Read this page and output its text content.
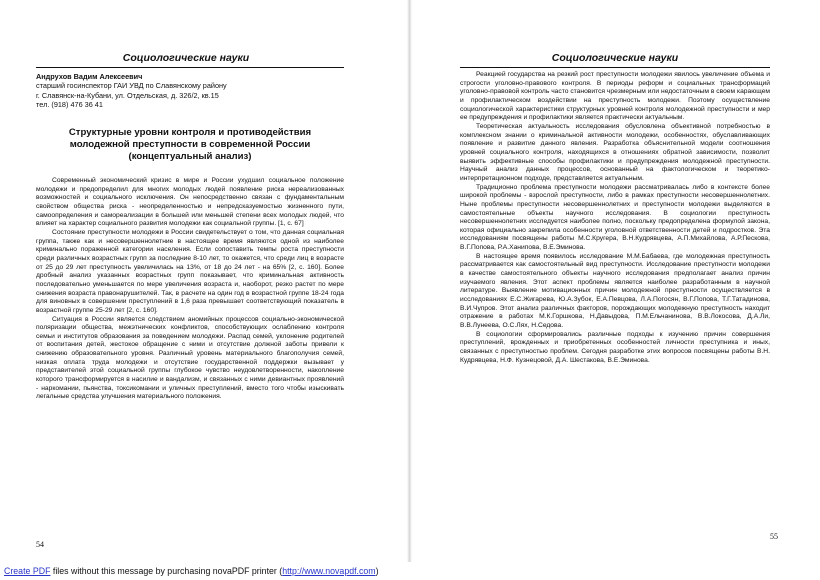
Социологические науки
Андрухов Вадим Алексеевич
старший госинспектор ГАИ УВД по Славянскому району
г. Славянск-на-Кубани, ул. Отдельская, д. 326/2, кв.15
тел. (918) 476 36 41
Структурные уровни контроля и противодействия
молодежной преступности в современной России
(концептуальный анализ)

Современный экономический кризис в мире и России ухудшил социальное положение молодежи и предопределил для многих молодых людей появление риска нереализованных возможностей и социального исключения. Он непосредственно связан с фундаментальным свойством общества риска - неопределенностью и непредсказуемостью жизненного пути, самоопределения и самореализации в большей или меньшей степени всех молодых людей, что влияет на характер социального развития молодежи как социальной группы. [1, с. 67]

Состояние преступности молодежи в России свидетельствует о том, что данная социальная группа, также как и несовершеннолетние в настоящее время являются одной из наиболее криминально пораженной категории населения. Если сопоставить темпы роста преступности среди различных возрастных групп за последние 8-10 лет, то окажется, что среди лиц в возрасте от 25 до 29 лет преступность увеличилась на 13%, от 18 до 24 лет - на 65% [2, с. 160]. Более дробный анализ указанных возрастных групп показывает, что криминальная активность последовательно уменьшается по мере увеличения возраста и, наоборот, резко растет по мере снижения возраста правонарушителей. Так, в расчете на один год в возрастной группе 18-24 года для виновных в совершении преступлений в 1,6 раза превышает соответствующий показатель в возрастной группе 25-29 лет [2, с. 160].

Ситуация в России является следствием аномийных процессов социально-экономической поляризации общества, межэтнических конфликтов, способствующих ослаблению контроля семьи и институтов образования за поведением молодежи. Распад семей, уклонение родителей от воспитания детей, жестокое обращение с ними и отсутствие должной заботы привели к снижению образовательного уровня. Различный уровень материального благополучия семей, низкая оплата труда молодежи и отсутствие государственной поддержки вызывает у представителей этой социальной группы глубокое чувство неудовлетворенности, накопление которого трансформируется в насилие и вандализм, и связанных с ними девиантных проявлений - наркомании, пьянства, токсикомании и уличных преступлений, вместо того чтобы изыскивать легальные средства улучшения материального положения.

54
Социологические науки

Реакцией государства на резкий рост преступности молодежи явилось увеличение объема и строгости уголовно-правового контроля. В периоды реформ и социальных трансформаций уголовно-правовой контроль часто становится чрезмерным или недостаточным в своем карающем и профилактическом воздействии на преступность молодежи. Поэтому осуществление социологической характеристики структурных уровней контроля молодежной преступности и мер ее предупреждения и профилактики является практически актуальным.

Теоретическая актуальность исследования обусловлена объективной потребностью в комплексном знании о криминальной активности молодежи, особенностях, обуславливающих появление и развитие данного явления. Разработка объяснительной модели соотношения уровней социального контроля, находящихся в отношениях обратной зависимости, позволит выявить эффективные способы профилактики и предупреждения молодежной преступности. Научный анализ данных процессов, основанный на фактологическом и теоретико-интерпретационном подходе, представляется актуальным.

Традиционно проблема преступности молодежи рассматривалась либо в контексте более широкой проблемы - взрослой преступности, либо в рамках преступности несовершеннолетних. Ныне проблемы преступности несовершеннолетних и преступности молодежи выделяются в самостоятельные объекты научного исследования. В социологии преступность несовершеннолетних исследуется наиболее полно, поскольку предопределена формулой закона, которая официально закрепила особенности уголовной ответственности детей и подростков. Эта исследованиям посвящены работы М.С.Кругера, В.Н.Кудрявцева, А.П.Михайлова, А.Р.Пескова, В.Г.Попова, Р.А.Ханипова, В.Е.Эминова.

В настоящее время появилось исследование М.М.Бабаева, где молодежная преступность рассматривается как самостоятельный вид преступности. Исследование преступности молодежи в качестве самостоятельного объекты научного исследования предполагает анализ причин изучаемого явления. Этот аспект проблемы является наиболее разработанным в научной литературе. Выявление мотивационных причин молодежной преступности осуществляется в исследованиях Е.С.Жигарева, Ю.А.Зубок, Е.А.Певцова, Л.А.Погосян, В.Г.Попова, Т.Г.Татадинова, В.И.Чупров. Этот анализ различных факторов, порождающих молодежную преступность находит отражение в работах М.К.Горшкова, Н.Давыдова, П.М.Ельчанинова, В.В.Локосова, Д.А.Ли, В.В.Лунеева, О.С.Лях, Н.Седова.

В социологии сформировались различные подходы к изучению причин совершения преступлений, врожденных и приобретенных особенностей личности преступника и иных, связанных с преступностью проблем. Сегодня разработке этих вопросов посвящены работы В.Н. Кудрявцева, Н.Ф. Кузнецовой, Д.А. Шестакова, В.Е.Эминова.

55
Create PDF files without this message by purchasing novaPDF printer (http://www.novapdf.com)
